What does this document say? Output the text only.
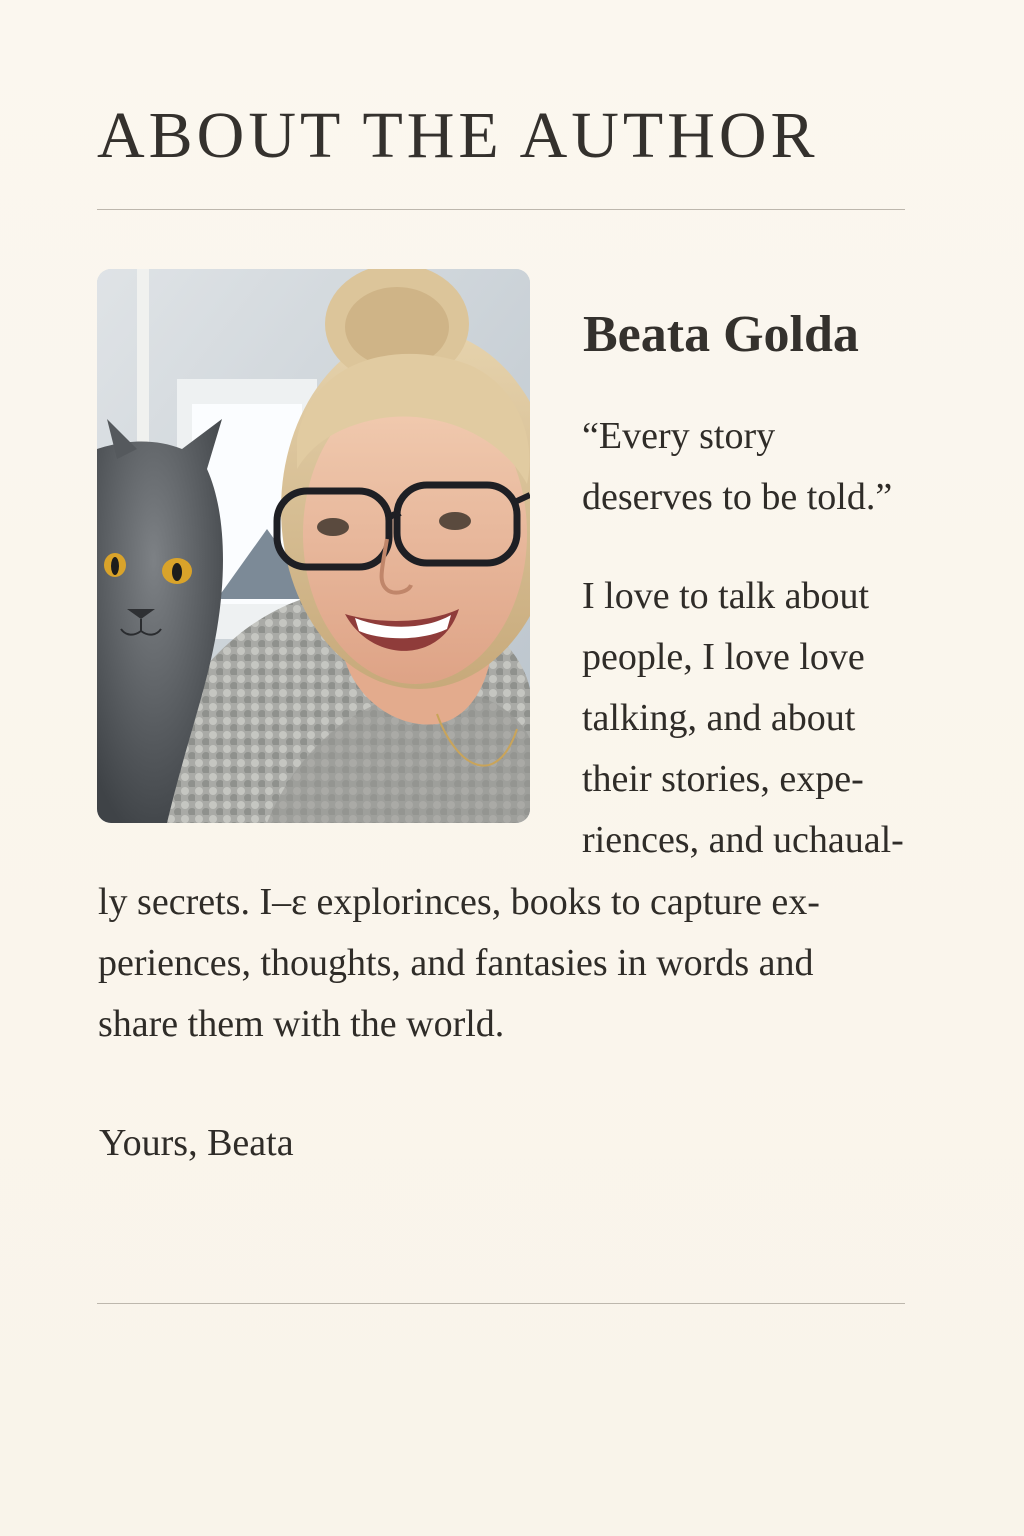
ABOUT THE AUTHOR
Beata Golda

“Every story
deserves to be told.”

I love to talk about
people, I love love
talking, and about
their stories, expe-
riences, and uchaual-

ly secrets. I–ɛ explorinces, books to capture ex-
periences, thoughts, and fantasies in words and
share them with the world.

Yours, Beata
